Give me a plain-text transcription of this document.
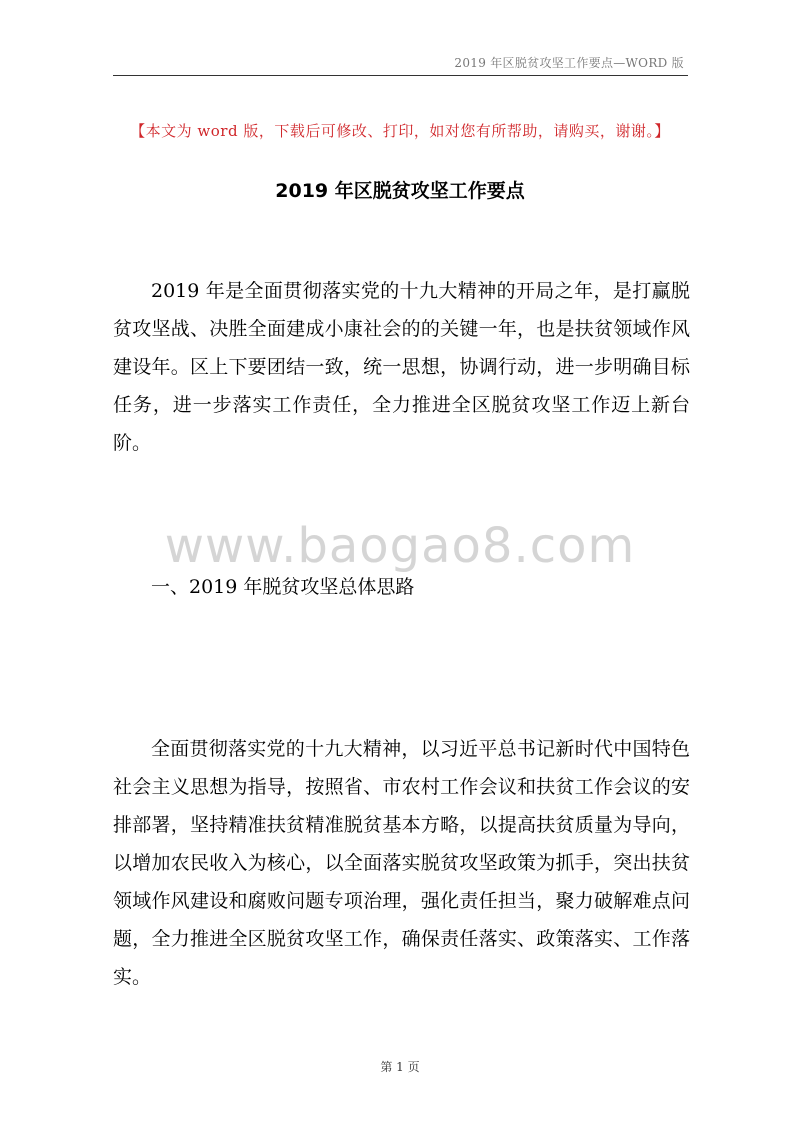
2019 年区脱贫攻坚工作要点—WORD 版
【本文为 word 版，下载后可修改、打印，如对您有所帮助，请购买，谢谢。】
2019 年区脱贫攻坚工作要点

2019 年是全面贯彻落实党的十九大精神的开局之年，是打赢脱贫攻坚战、决胜全面建成小康社会的的关键一年，也是扶贫领域作风建设年。区上下要团结一致，统一思想，协调行动，进一步明确目标任务，进一步落实工作责任，全力推进全区脱贫攻坚工作迈上新台阶。

www.baogao8.com
一、2019 年脱贫攻坚总体思路

全面贯彻落实党的十九大精神，以习近平总书记新时代中国特色社会主义思想为指导，按照省、市农村工作会议和扶贫工作会议的安排部署，坚持精准扶贫精准脱贫基本方略，以提高扶贫质量为导向，以增加农民收入为核心，以全面落实脱贫攻坚政策为抓手，突出扶贫领域作风建设和腐败问题专项治理，强化责任担当，聚力破解难点问题，全力推进全区脱贫攻坚工作，确保责任落实、政策落实、工作落实。

第 1 页
